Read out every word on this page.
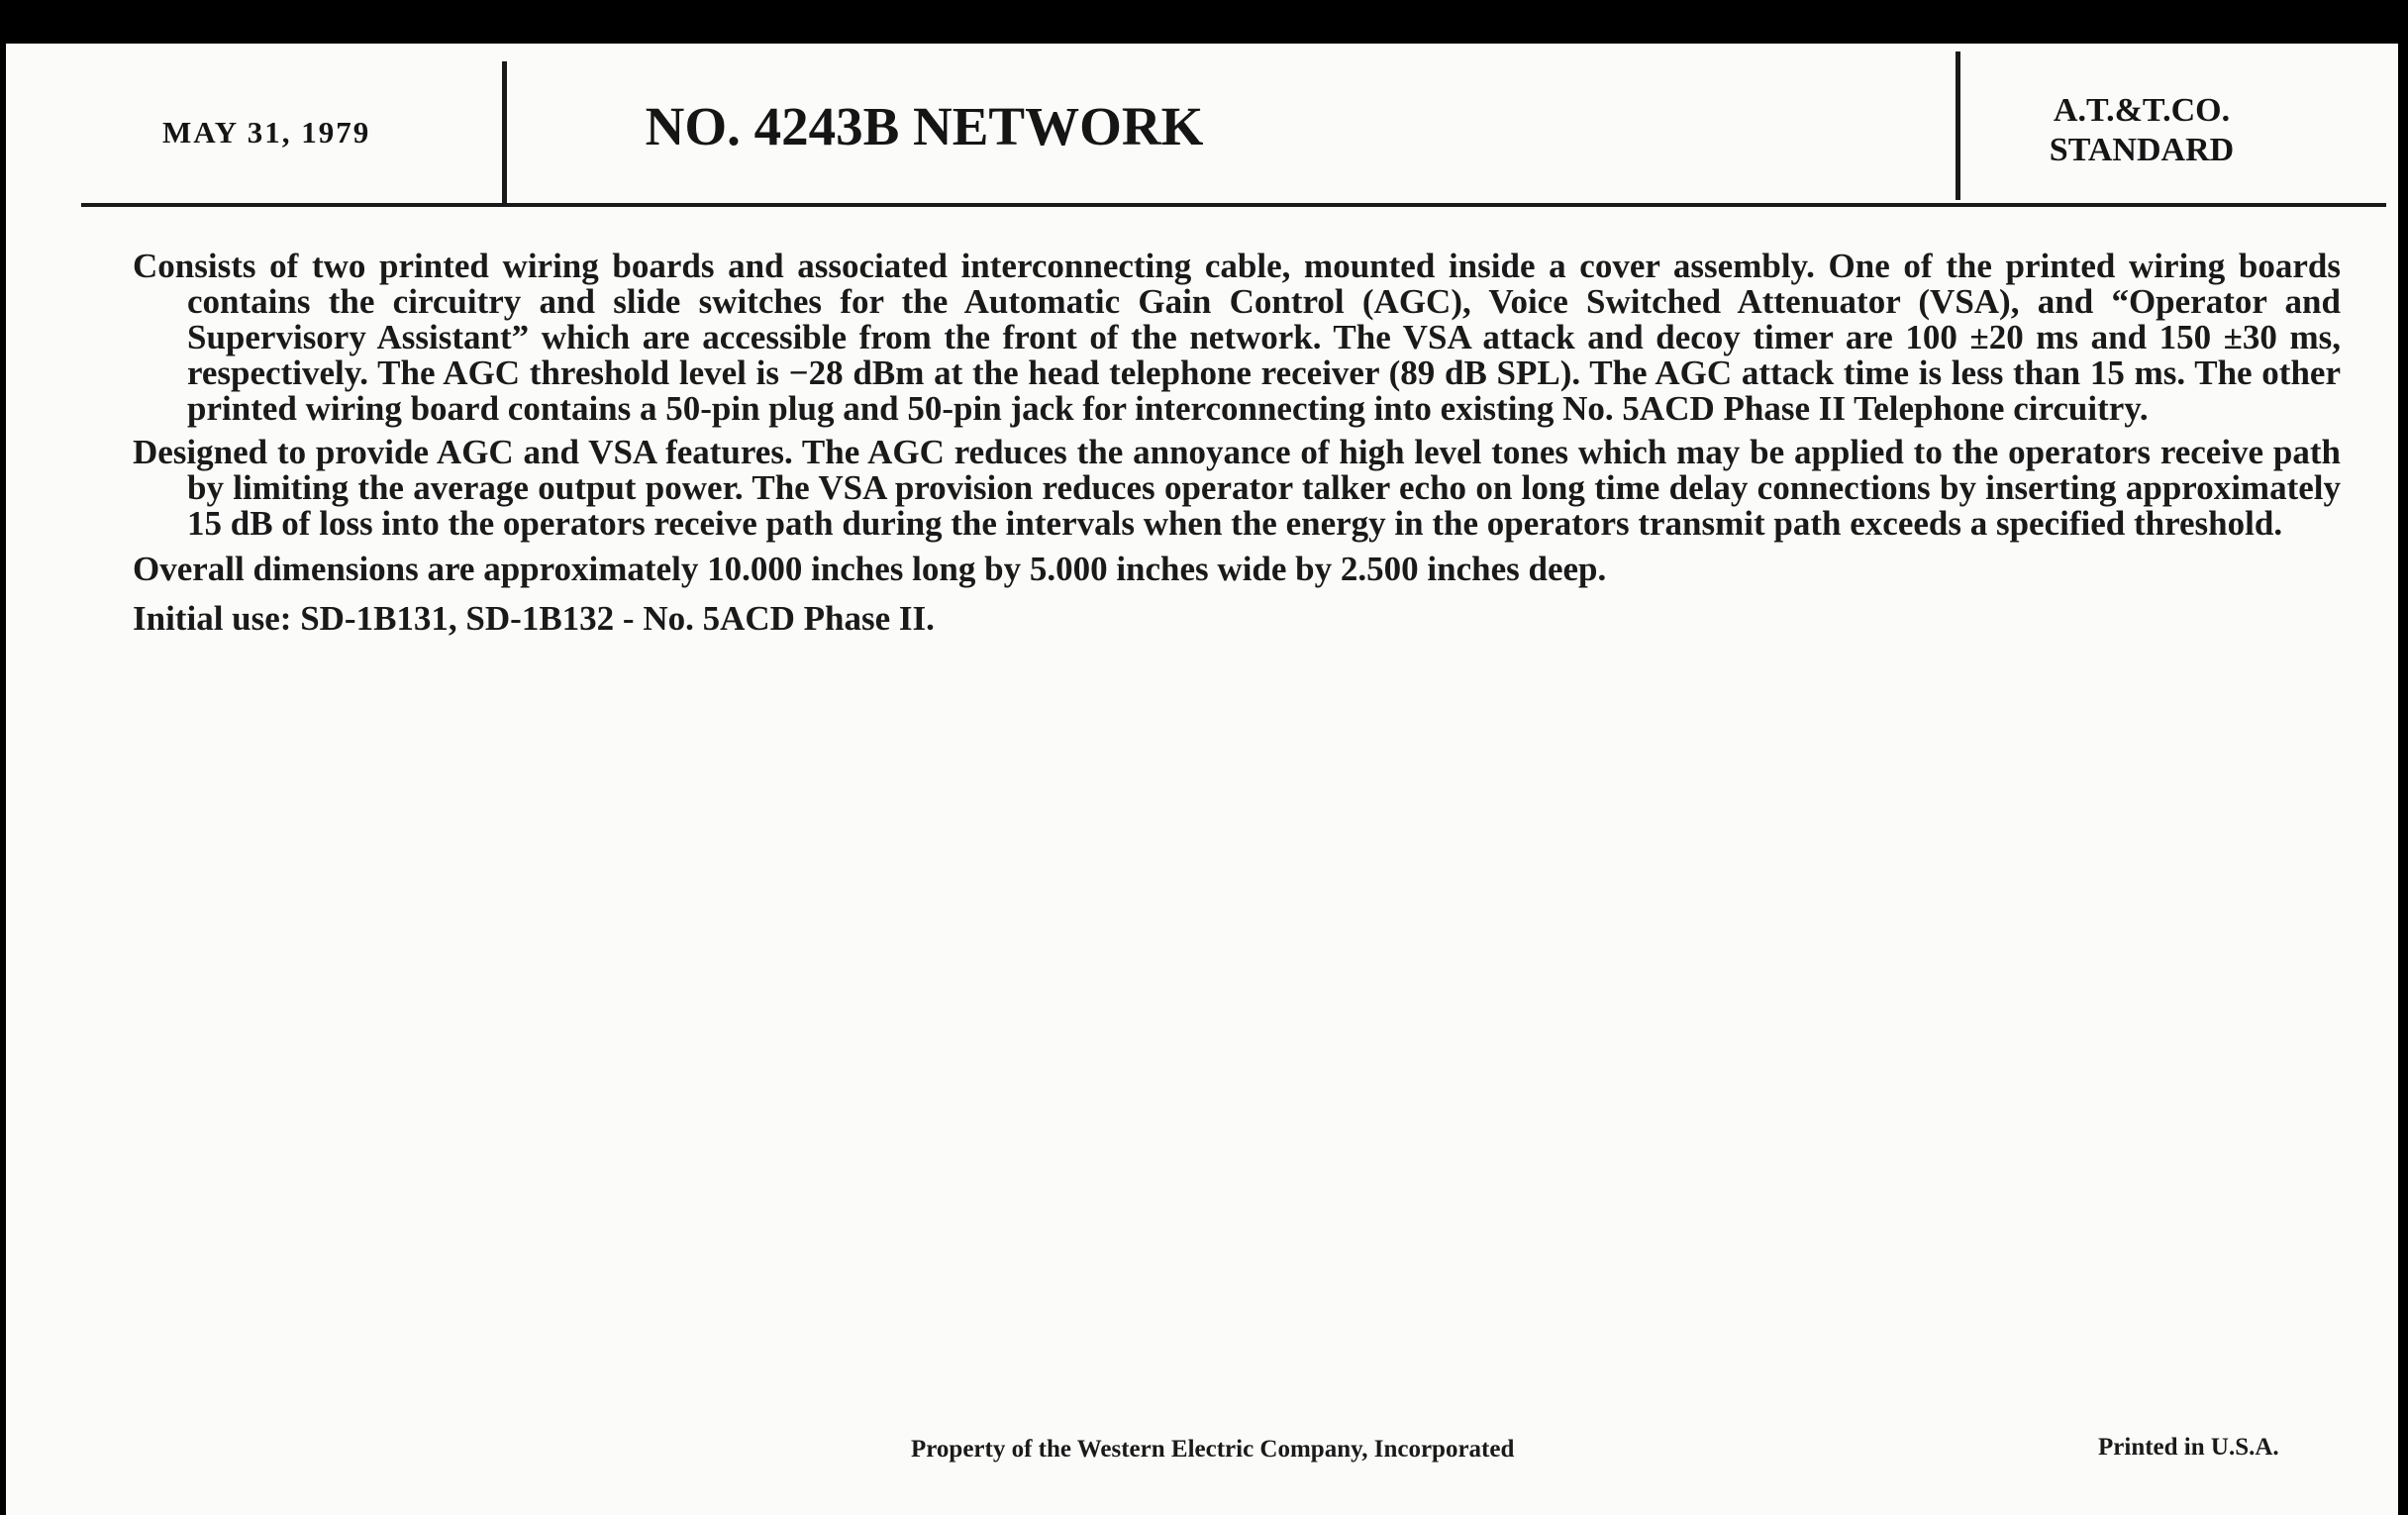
MAY 31, 1979	NO. 4243B NETWORK	A.T.&T.CO.
STANDARD

Consists of two printed wiring boards and associated interconnecting cable, mounted inside a cover assembly. One of the printed wiring boards contains the circuitry and slide switches for the Automatic Gain Control (AGC), Voice Switched Attenuator (VSA), and “Operator and Supervisory Assistant” which are accessible from the front of the network. The VSA attack and decoy timer are 100 ±20 ms and 150 ±30 ms, respectively. The AGC threshold level is −28 dBm at the head telephone receiver (89 dB SPL). The AGC attack time is less than 15 ms. The other printed wiring board contains a 50-pin plug and 50-pin jack for interconnecting into existing No. 5ACD Phase II Telephone circuitry.

Designed to provide AGC and VSA features. The AGC reduces the annoyance of high level tones which may be applied to the operators receive path by limiting the average output power. The VSA provision reduces operator talker echo on long time delay connections by inserting approximately 15 dB of loss into the operators receive path during the intervals when the energy in the operators transmit path exceeds a specified threshold.

Overall dimensions are approximately 10.000 inches long by 5.000 inches wide by 2.500 inches deep.

Initial use: SD-1B131, SD-1B132 - No. 5ACD Phase II.

Property of the Western Electric Company, Incorporated	Printed in U.S.A.
